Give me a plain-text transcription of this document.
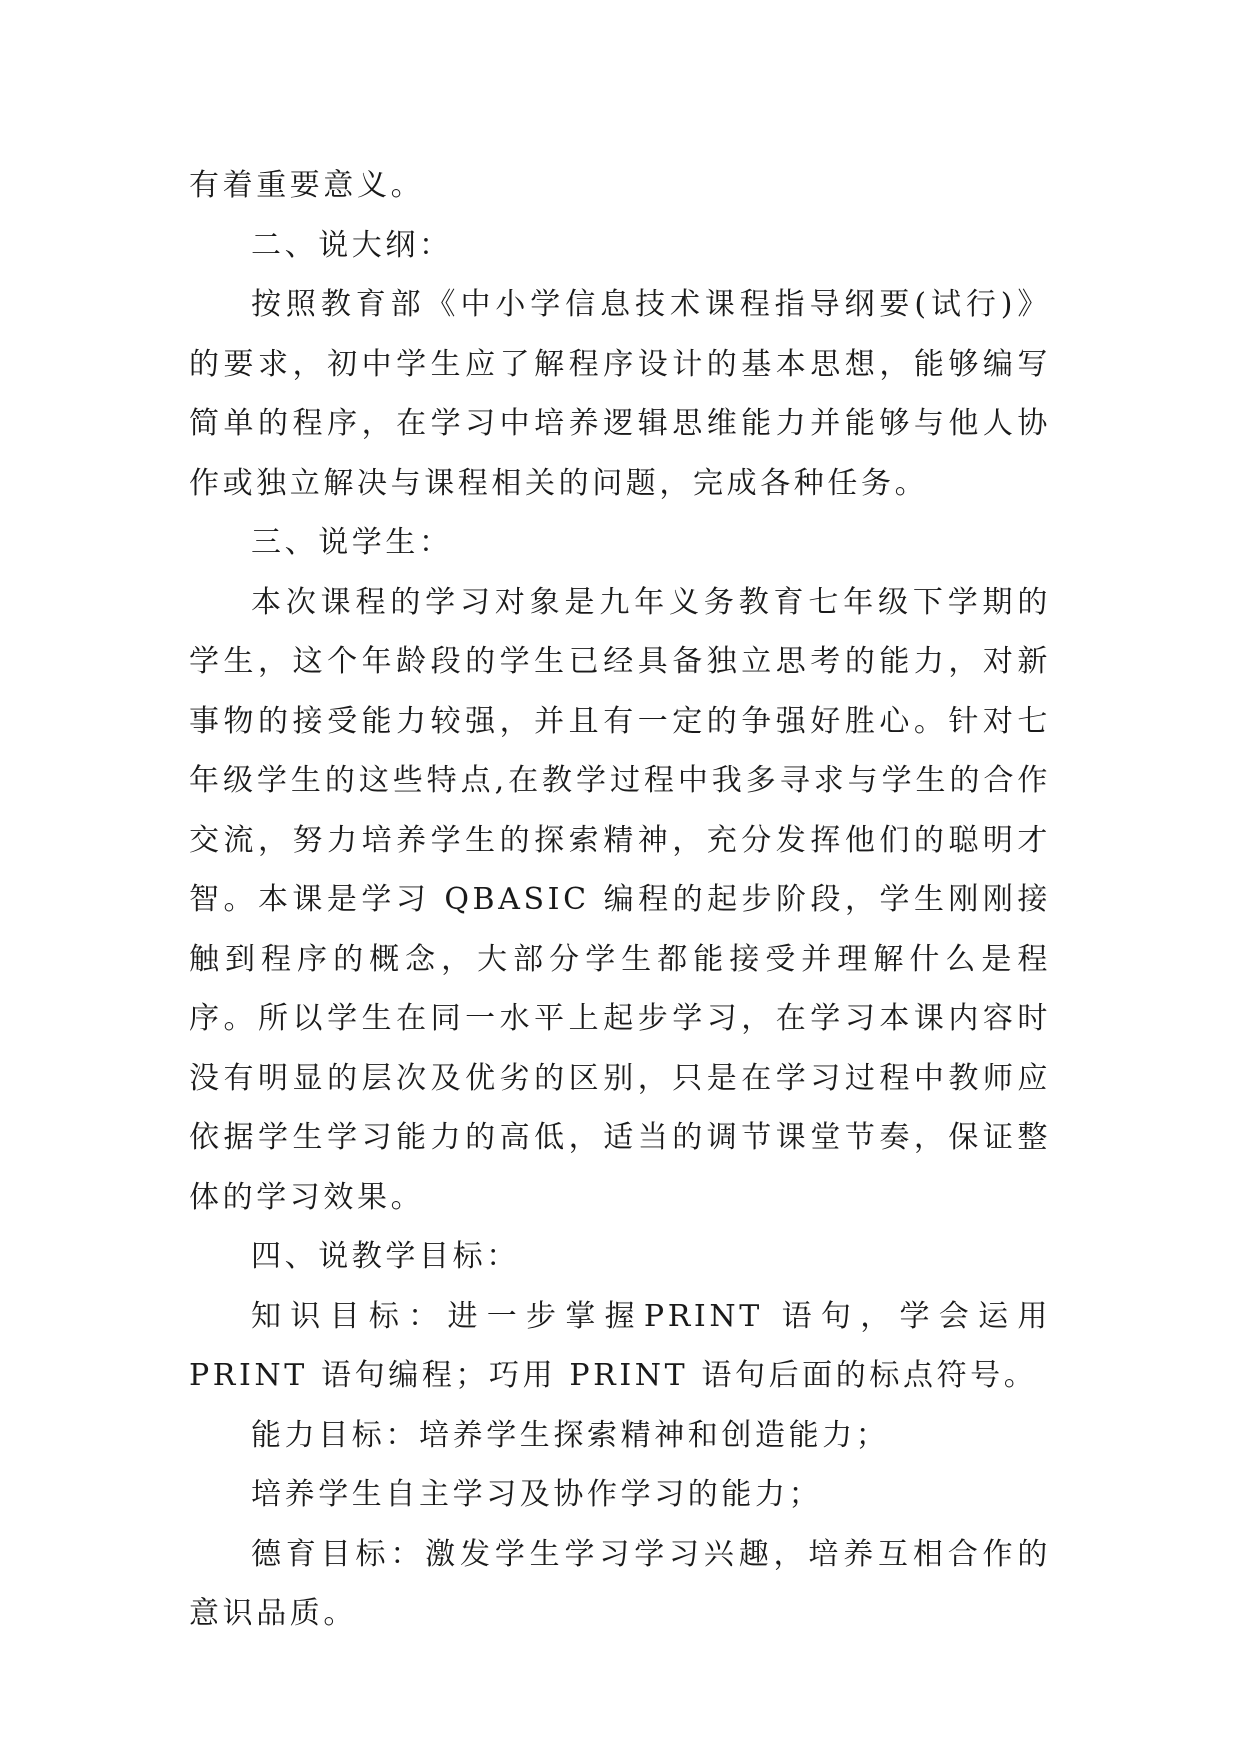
有着重要意义。

二、说大纲：

按照教育部《中小学信息技术课程指导纲要(试行)》的要求，初中学生应了解程序设计的基本思想，能够编写简单的程序，在学习中培养逻辑思维能力并能够与他人协作或独立解决与课程相关的问题，完成各种任务。

三、说学生：

本次课程的学习对象是九年义务教育七年级下学期的学生，这个年龄段的学生已经具备独立思考的能力，对新事物的接受能力较强，并且有一定的争强好胜心。针对七年级学生的这些特点,在教学过程中我多寻求与学生的合作交流，努力培养学生的探索精神，充分发挥他们的聪明才智。本课是学习 QBASIC 编程的起步阶段，学生刚刚接触到程序的概念，大部分学生都能接受并理解什么是程序。所以学生在同一水平上起步学习，在学习本课内容时没有明显的层次及优劣的区别，只是在学习过程中教师应依据学生学习能力的高低，适当的调节课堂节奏，保证整体的学习效果。

四、说教学目标：

知识目标：进一步掌握PRINT 语句，学会运用 PRINT 语句编程；巧用 PRINT 语句后面的标点符号。

能力目标：培养学生探索精神和创造能力；

培养学生自主学习及协作学习的能力；

德育目标：激发学生学习学习兴趣，培养互相合作的意识品质。
